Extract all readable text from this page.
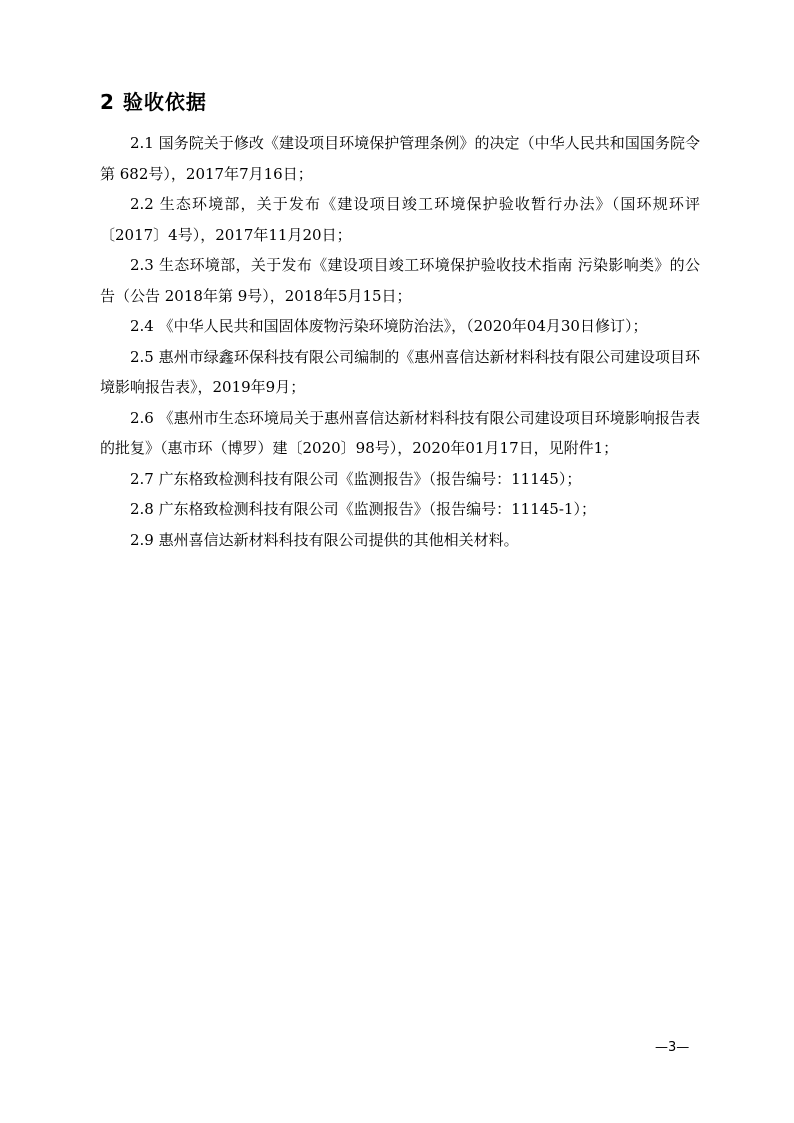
2 验收依据

2.1 国务院关于修改《建设项目环境保护管理条例》的决定（中华人民共和国国务院令第 682号），2017年7月16日；

2.2 生态环境部，关于发布《建设项目竣工环境保护验收暂行办法》（国环规环评〔2017〕4号），2017年11月20日；

2.3 生态环境部，关于发布《建设项目竣工环境保护验收技术指南 污染影响类》的公告（公告 2018年第 9号），2018年5月15日；

2.4 《中华人民共和国固体废物污染环境防治法》，（2020年04月30日修订）；

2.5 惠州市绿鑫环保科技有限公司编制的《惠州喜信达新材料科技有限公司建设项目环境影响报告表》，2019年9月；

2.6 《惠州市生态环境局关于惠州喜信达新材料科技有限公司建设项目环境影响报告表的批复》（惠市环（博罗）建〔2020〕98号），2020年01月17日，见附件1；

2.7 广东格致检测科技有限公司《监测报告》（报告编号：11145）；

2.8 广东格致检测科技有限公司《监测报告》（报告编号：11145-1）；

2.9 惠州喜信达新材料科技有限公司提供的其他相关材料。

—3—
